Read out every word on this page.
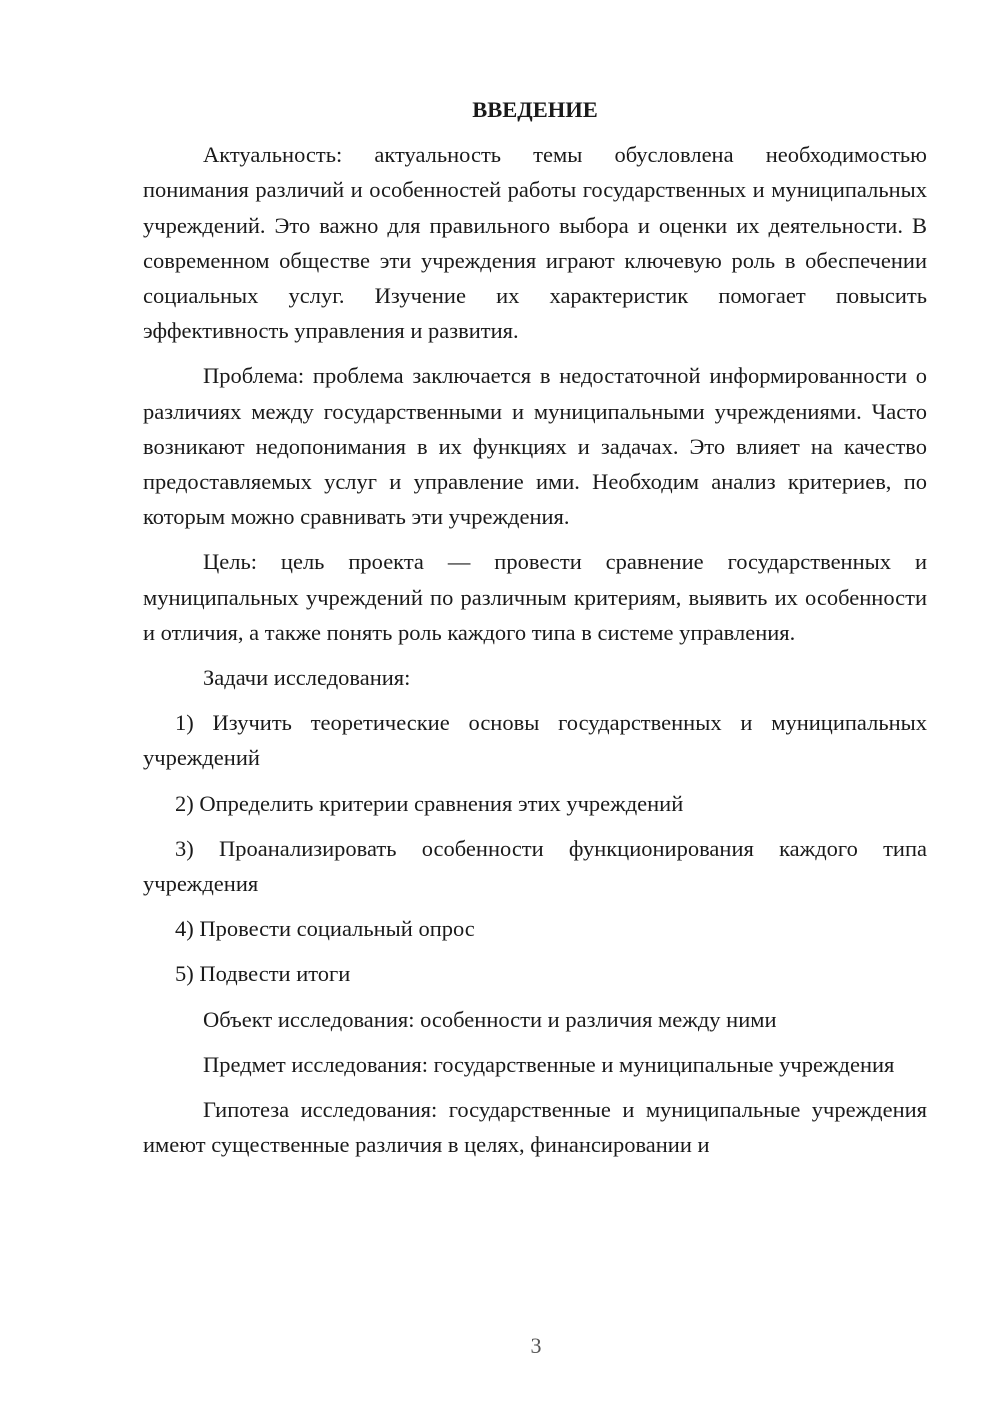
ВВЕДЕНИЕ

Актуальность: актуальность темы обусловлена необходимостью понимания различий и особенностей работы государственных и муниципальных учреждений. Это важно для правильного выбора и оценки их деятельности. В современном обществе эти учреждения играют ключевую роль в обеспечении социальных услуг. Изучение их характеристик помогает повысить эффективность управления и развития.

Проблема: проблема заключается в недостаточной информированности о различиях между государственными и муниципальными учреждениями. Часто возникают недопонимания в их функциях и задачах. Это влияет на качество предоставляемых услуг и управление ими. Необходим анализ критериев, по которым можно сравнивать эти учреждения.

Цель: цель проекта — провести сравнение государственных и муниципальных учреждений по различным критериям, выявить их особенности и отличия, а также понять роль каждого типа в системе управления.

Задачи исследования:

1) Изучить теоретические основы государственных и муниципальных учреждений

2) Определить критерии сравнения этих учреждений

3) Проанализировать особенности функционирования каждого типа учреждения

4) Провести социальный опрос

5) Подвести итоги

Объект исследования: особенности и различия между ними

Предмет исследования: государственные и муниципальные учреждения

Гипотеза исследования: государственные и муниципальные учреждения имеют существенные различия в целях, финансировании и

3
